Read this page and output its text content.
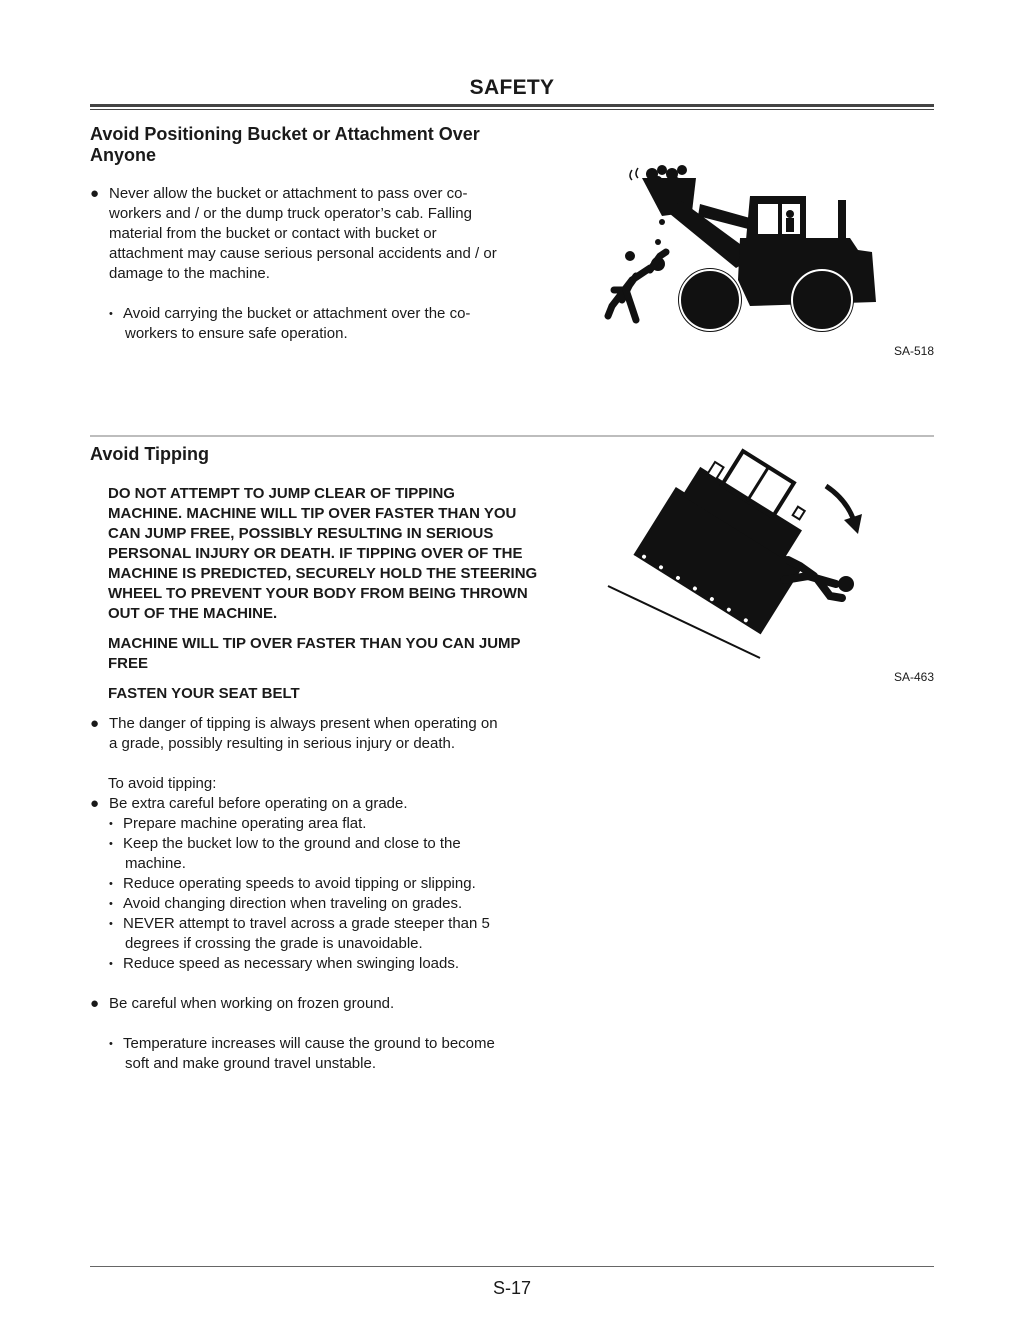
SAFETY
Avoid Positioning Bucket or Attachment Over Anyone
● Never allow the bucket or attachment to pass over co-
workers and / or the dump truck operator’s cab. Falling
material from the bucket or contact with bucket or
attachment may cause serious personal accidents and / or
damage to the machine.
• Avoid carrying the bucket or attachment over the co-
workers to ensure safe operation.
SA-518
Avoid Tipping
DO NOT ATTEMPT TO JUMP CLEAR OF TIPPING
MACHINE. MACHINE WILL TIP OVER FASTER THAN YOU
CAN JUMP FREE, POSSIBLY RESULTING IN SERIOUS
PERSONAL INJURY OR DEATH. IF TIPPING OVER OF THE
MACHINE IS PREDICTED, SECURELY HOLD THE STEERING
WHEEL TO PREVENT YOUR BODY FROM BEING THROWN
OUT OF THE MACHINE.
MACHINE WILL TIP OVER FASTER THAN YOU CAN JUMP
FREE
FASTEN YOUR SEAT BELT
● The danger of tipping is always present when operating on
a grade, possibly resulting in serious injury or death.
To avoid tipping:
● Be extra careful before operating on a grade.
• Prepare machine operating area flat.
• Keep the bucket low to the ground and close to the
machine.
• Reduce operating speeds to avoid tipping or slipping.
• Avoid changing direction when traveling on grades.
• NEVER attempt to travel across a grade steeper than 5
degrees if crossing the grade is unavoidable.
• Reduce speed as necessary when swinging loads.
● Be careful when working on frozen ground.
• Temperature increases will cause the ground to become
soft and make ground travel unstable.
SA-463
S-17
